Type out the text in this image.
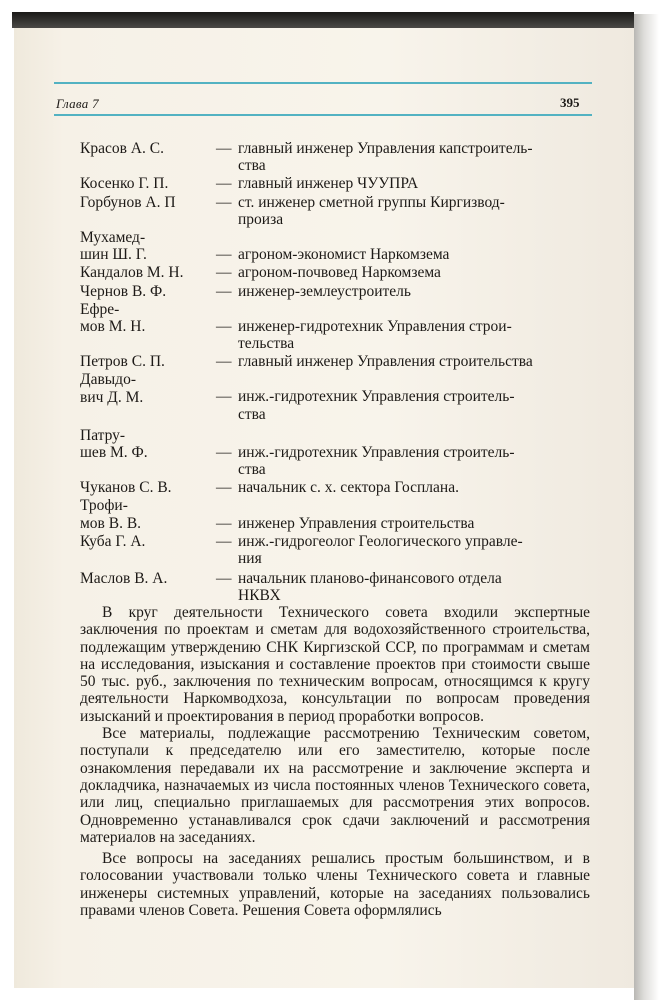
Глава 7	395
Красов А. С.	— главный инженер Управления капстроитель-
ства
Косенко Г. П.	— главный инженер ЧУУПРА
Горбунов А. П	— ст. инженер сметной группы Киргизвод-
произа
Мухамед-
шин Ш. Г.	— агроном-экономист Наркомзема
Кандалов М. Н.	— агроном-почвовед Наркомзема
Чернов В. Ф.	— инженер-землеустроитель
Ефре-
мов М. Н.	— инженер-гидротехник Управления строи-
тельства
Петров С. П.	— главный инженер Управления строительства
Давыдо-
вич Д. М.	— инж.-гидротехник Управления строитель-
ства
Патру-
шев М. Ф.	— инж.-гидротехник Управления строитель-
ства
Чуканов С. В.	— начальник с. х. сектора Госплана.
Трофи-
мов В. В.	— инженер Управления строительства
Куба Г. А.	— инж.-гидрогеолог Геологического управле-
ния
Маслов В. А.	— начальник планово-финансового отдела
НКВХ

В круг деятельности Технического совета входили экспертные заключения по проектам и сметам для водохозяйственного строительства, подлежащим утверждению СНК Киргизской ССР, по программам и сметам на исследования, изыскания и составление проектов при стоимости свыше 50 тыс. руб., заключения по техническим вопросам, относящимся к кругу деятельности Наркомводхоза, консультации по вопросам проведения изысканий и проектирования в период проработки вопросов.

Все материалы, подлежащие рассмотрению Техническим советом, поступали к председателю или его заместителю, которые после ознакомления передавали их на рассмотрение и заключение эксперта и докладчика, назначаемых из числа постоянных членов Технического совета, или лиц, специально приглашаемых для рассмотрения этих вопросов. Одновременно устанавливался срок сдачи заключений и рассмотрения материалов на заседаниях.

Все вопросы на заседаниях решались простым большинством, и в голосовании участвовали только члены Технического совета и главные инженеры системных управлений, которые на заседаниях пользовались правами членов Совета. Решения Совета оформлялись
